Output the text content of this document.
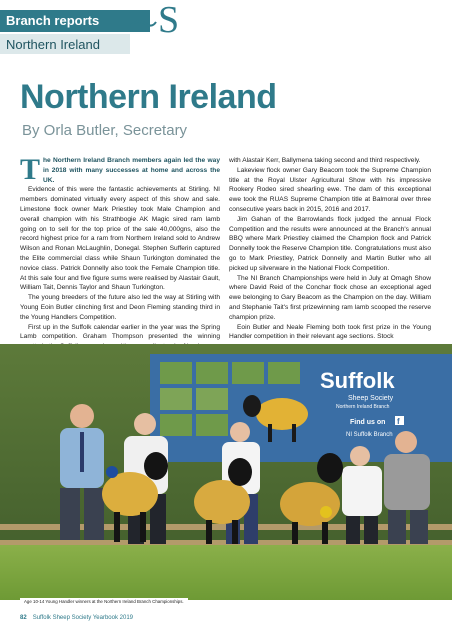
Branch reports
Northern Ireland
S
Northern Ireland
By Orla Butler, Secretary

The Northern Ireland Branch members again led the way in 2018 with many successes at home and across the UK.

Evidence of this were the fantastic achievements at Stirling. NI members dominated virtually every aspect of this show and sale. Limestone flock owner Mark Priestley took Male Champion and overall champion with his Strathbogie AK Magic sired ram lamb going on to sell for the top price of the sale 40,000gns, also the record highest price for a ram from Northern Ireland sold to Andrew Wilson and Ronan McLaughlin, Donegal. Stephen Sufferin captured the Elite commercial class while Shaun Turkington dominated the novice class. Patrick Donnelly also took the Female Champion title. At this sale four and five figure sums were realised by Alastair Gault, William Tait, Dennis Taylor and Shaun Turkington.

The young breeders of the future also led the way at Stirling with Young Eoin Butler clinching first and Deon Fleming standing third in the Young Handlers Competition.

First up in the Suffolk calendar earlier in the year was the Spring Lamb competition. Graham Thompson presented the winning

with Alastair Kerr, Ballymena taking second and third respectively.

Lakeview flock owner Gary Beacom took the Supreme Champion title at the Royal Ulster Agricultural Show with his impressive Rookery Rodeo sired shearling ewe. The dam of this exceptional ewe took the RUAS Supreme Champion title at Balmoral over three consecutive years back in 2015, 2016 and 2017.

Jim Gahan of the Barrowlands flock judged the annual Flock Competition and the results were announced at the Branch's annual BBQ where Mark Priestley claimed the Champion flock and Patrick Donnelly took the Reserve Champion title. Congratulations must also go to Mark Priestley, Patrick Donnelly and Martin Butler who all picked up silverware in the National Flock Competition.

The NI Branch Championships were held in July at Omagh Show where David Reid of the Conchar flock chose an exceptional aged ewe belonging to Gary Beacom as the Champion on the day. William and Stephanie Tait's first prizewinning ram lamb scooped the reserve champion prize.

Eoin Butler and Neale Fleming both took first prize in the Young Handler competition in their relevant age sections. Stock

Suffolk
Sheep Society
Northern Ireland Branch
Find us on f
NI Suffolk Branch
Age 10-14 Young Handler winners at the Northern Ireland Branch Championships.
82 Suffolk Sheep Society Yearbook 2019
